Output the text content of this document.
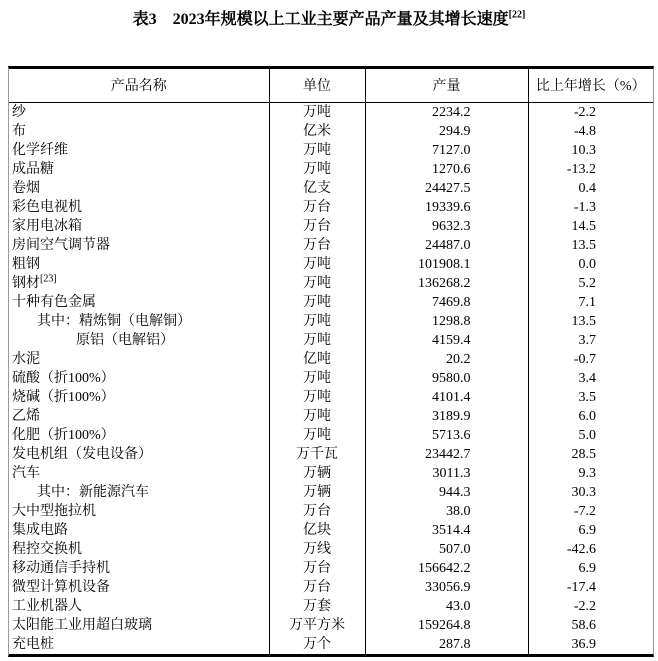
表3 2023年规模以上工业主要产品产量及其增长速度[22]
产品名称	单位	产量	比上年增长（%）
纱	万吨	2234.2	-2.2
布	亿米	294.9	-4.8
化学纤维	万吨	7127.0	10.3
成品糖	万吨	1270.6	-13.2
卷烟	亿支	24427.5	0.4
彩色电视机	万台	19339.6	-1.3
家用电冰箱	万台	9632.3	14.5
房间空气调节器	万台	24487.0	13.5
粗钢	万吨	101908.1	0.0
钢材[23]	万吨	136268.2	5.2
十种有色金属	万吨	7469.8	7.1
其中：精炼铜（电解铜）	万吨	1298.8	13.5
原铝（电解铝）	万吨	4159.4	3.7
水泥	亿吨	20.2	-0.7
硫酸（折100%）	万吨	9580.0	3.4
烧碱（折100%）	万吨	4101.4	3.5
乙烯	万吨	3189.9	6.0
化肥（折100%）	万吨	5713.6	5.0
发电机组（发电设备）	万千瓦	23442.7	28.5
汽车	万辆	3011.3	9.3
其中：新能源汽车	万辆	944.3	30.3
大中型拖拉机	万台	38.0	-7.2
集成电路	亿块	3514.4	6.9
程控交换机	万线	507.0	-42.6
移动通信手持机	万台	156642.2	6.9
微型计算机设备	万台	33056.9	-17.4
工业机器人	万套	43.0	-2.2
太阳能工业用超白玻璃	万平方米	159264.8	58.6
充电桩	万个	287.8	36.9
